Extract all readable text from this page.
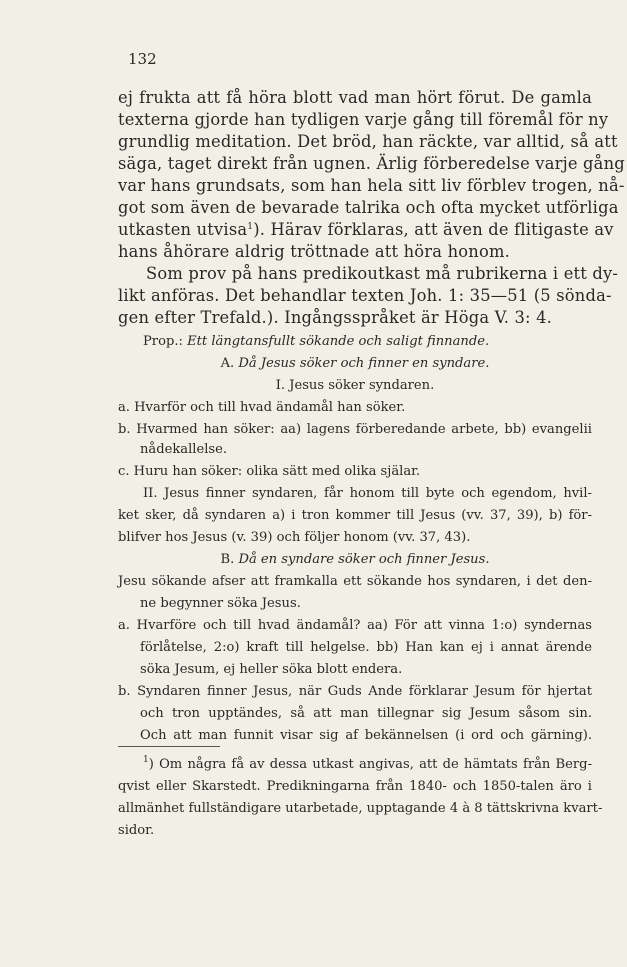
132
ej frukta att få höra blott vad man hört förut. De gamla
texterna gjorde han tydligen varje gång till föremål för ny
grundlig meditation. Det bröd, han räckte, var alltid, så att
säga, taget direkt från ugnen. Ärlig förberedelse varje gång
var hans grundsats, som han hela sitt liv förblev trogen, nå-
got som även de bevarade talrika och ofta mycket utförliga
utkasten utvisa$^1$). Härav förklaras, att även de flitigaste av
hans åhörare aldrig tröttnade att höra honom.
Som prov på hans predikoutkast må rubrikerna i ett dy-
likt anföras. Det behandlar texten Joh. 1: 35—51 (5 sönda-
gen efter Trefald.). Ingångsspråket är Höga V. 3: 4.
Prop.: Ett längtansfullt sökande och saligt finnande.
A. Då Jesus söker och finner en syndare.
I. Jesus söker syndaren.
a. Hvarför och till hvad ändamål han söker.
b. Hvarmed han söker: aa) lagens förberedande arbete, bb) evangelii
nådekallelse.
c. Huru han söker: olika sätt med olika själar.
II. Jesus finner syndaren, får honom till byte och egendom, hvil-
ket sker, då syndaren a) i tron kommer till Jesus (vv. 37, 39), b) för-
blifver hos Jesus (v. 39) och följer honom (vv. 37, 43).
B. Då en syndare söker och finner Jesus.
Jesu sökande afser att framkalla ett sökande hos syndaren, i det den-
ne begynner söka Jesus.
a. Hvarföre och till hvad ändamål? aa) För att vinna 1:o) syndernas
förlåtelse, 2:o) kraft till helgelse. bb) Han kan ej i annat ärende
söka Jesum, ej heller söka blott endera.
b. Syndaren finner Jesus, när Guds Ande förklarar Jesum för hjertat
och tron upptändes, så att man tillegnar sig Jesum såsom sin.
Och att man funnit visar sig af bekännelsen (i ord och gärning).
$^1$) Om några få av dessa utkast angivas, att de hämtats från Berg-
qvist eller Skarstedt. Predikningarna från 1840- och 1850-talen äro i
allmänhet fullständigare utarbetade, upptagande 4 à 8 tättskrivna kvart-
sidor.
